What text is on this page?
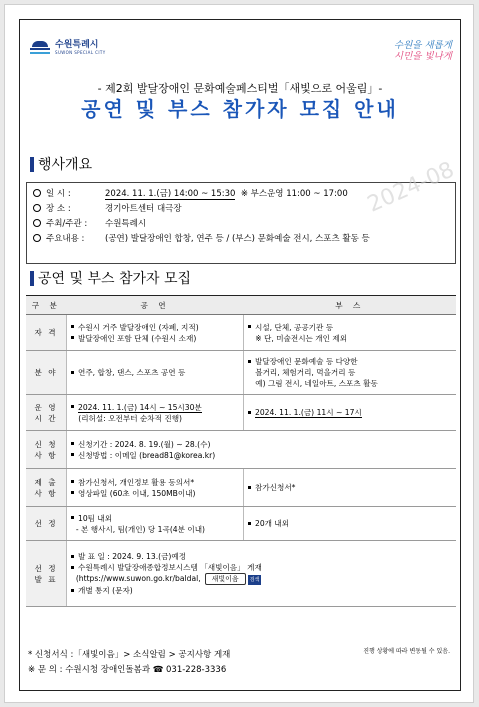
수원특례시
SUWON SPECIAL CITY
수원을 새롭게
시민을 빛나게
- 제2회 발달장애인 문화예술페스티벌「새빛으로 어울림」-
공연 및 부스 참가자 모집 안내
행사개요
일 시 :	2024. 11. 1.(금) 14:00 ~ 15:30 ※ 부스운영 11:00 ~ 17:00
장 소 :	경기아트센터 대극장
주최/주관 :	수원특례시
주요내용 :	(공연) 발달장애인 합창, 연주 등 / (부스) 문화예술 전시, 스포츠 활동 등
공연 및 부스 참가자 모집
구 분	공 연	부 스
자 격	수원시 거주 발달장애인 (자폐, 지적)
발달장애인 포함 단체 (수원시 소재)	시설, 단체, 공공기관 등
※ 단, 미술전시는 개인 제외

분 야	연주, 합창, 댄스, 스포츠 공연 등	발달장애인 문화예술 등 다양한
볼거리, 체험거리, 먹을거리 등
예) 그림 전시, 네일아트, 스포츠 활동

운 영
시 간	2024. 11. 1.(금) 14시 ~ 15시30분
(리허설: 오전부터 순차적 진행)	2024. 11. 1.(금) 11시 ~ 17시

신 청
사 항	신청기간 : 2024. 8. 19.(월) ~ 28.(수)
신청방법 : 이메일 (bread81@korea.kr)	

제 출
사 항	참가신청서, 개인정보 활용 동의서*
영상파일 (60초 이내, 150MB이내)	참가신청서*

선 정	10팀 내외
- 본 행사시, 팀(개인) 당 1곡(4분 이내)	20개 내외

선 정
발 표	발 표 일 : 2024. 9. 13.(금)예정
수원특례시 발달장애종합정보시스템 「새빛이음」 게재
(https://www.suwon.go.kr/baldal, 새빛이음 검색
개별 통지 (문자)	
* 신청서식 :「새빛이음」> 소식알림 > 공지사항 게재
※ 문 의 : 수원시청 장애인돌봄과 ☎ 031-228-3336
진행 상황에 따라 변동될 수 있음.
2024-08
